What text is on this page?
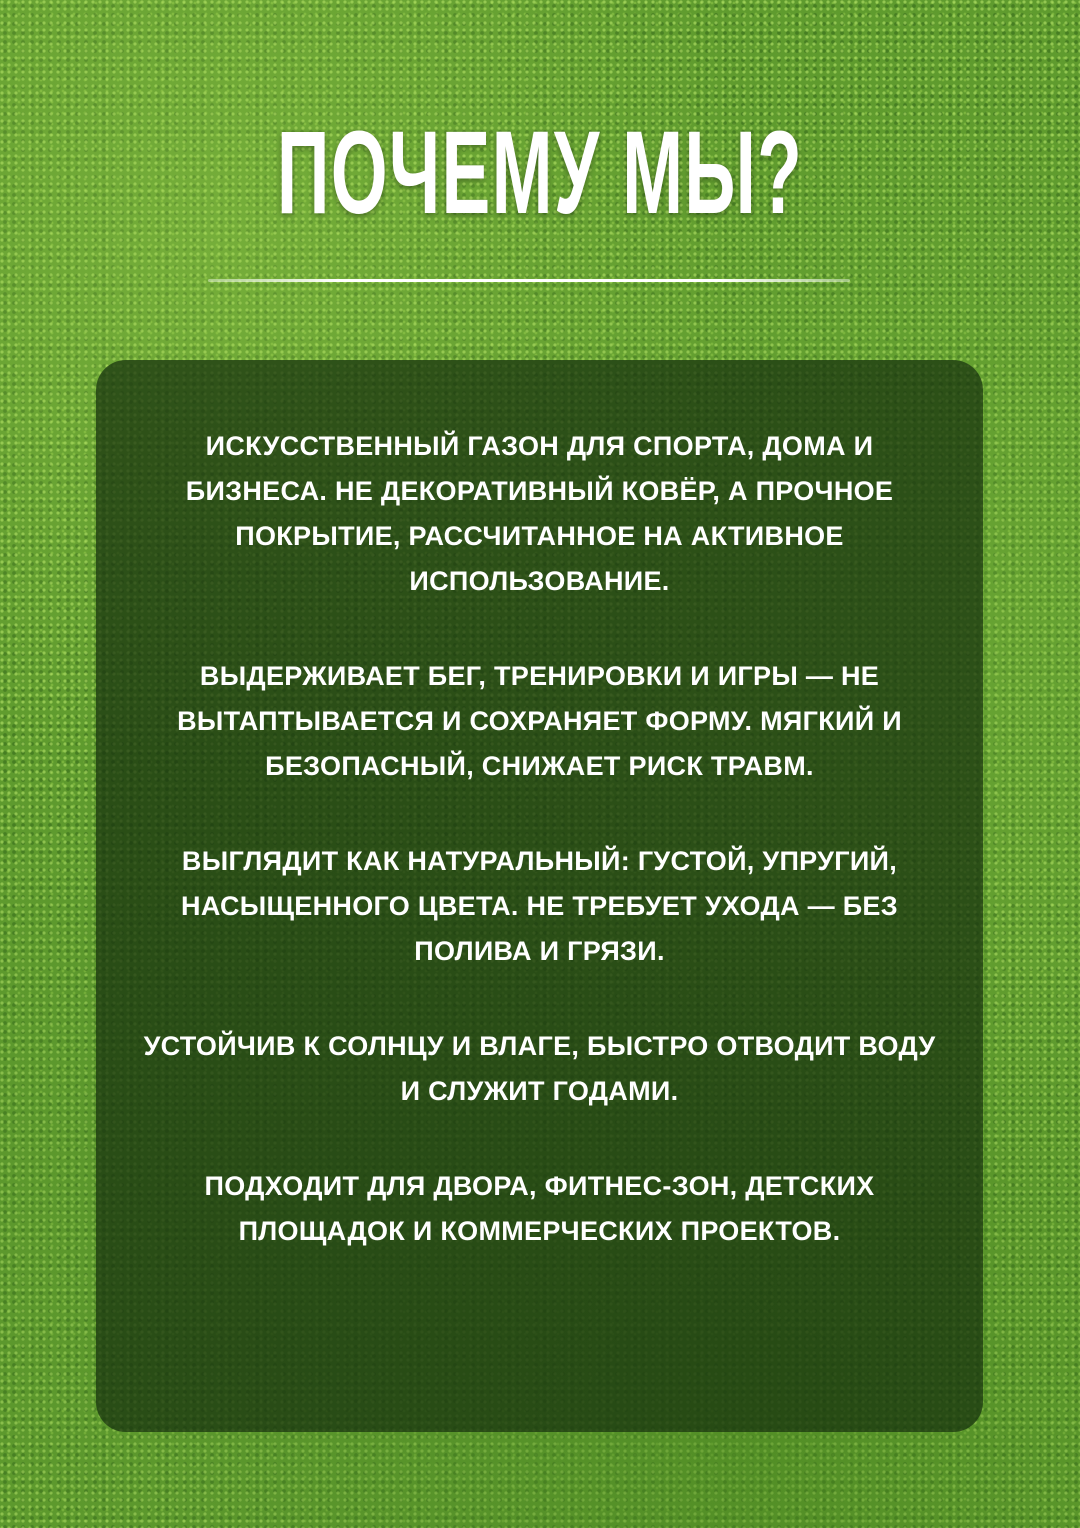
ПОЧЕМУ МЫ?

ИСКУССТВЕННЫЙ ГАЗОН ДЛЯ СПОРТА, ДОМА И БИЗНЕСА. НЕ ДЕКОРАТИВНЫЙ КОВЁР, А ПРОЧНОЕ ПОКРЫТИЕ, РАССЧИТАННОЕ НА АКТИВНОЕ ИСПОЛЬЗОВАНИЕ.

ВЫДЕРЖИВАЕТ БЕГ, ТРЕНИРОВКИ И ИГРЫ — НЕ ВЫТАПТЫВАЕТСЯ И СОХРАНЯЕТ ФОРМУ. МЯГКИЙ И БЕЗОПАСНЫЙ, СНИЖАЕТ РИСК ТРАВМ.

ВЫГЛЯДИТ КАК НАТУРАЛЬНЫЙ: ГУСТОЙ, УПРУГИЙ, НАСЫЩЕННОГО ЦВЕТА. НЕ ТРЕБУЕТ УХОДА — БЕЗ ПОЛИВА И ГРЯЗИ.

УСТОЙЧИВ К СОЛНЦУ И ВЛАГЕ, БЫСТРО ОТВОДИТ ВОДУ И СЛУЖИТ ГОДАМИ.

ПОДХОДИТ ДЛЯ ДВОРА, ФИТНЕС-ЗОН, ДЕТСКИХ ПЛОЩАДОК И КОММЕРЧЕСКИХ ПРОЕКТОВ.
